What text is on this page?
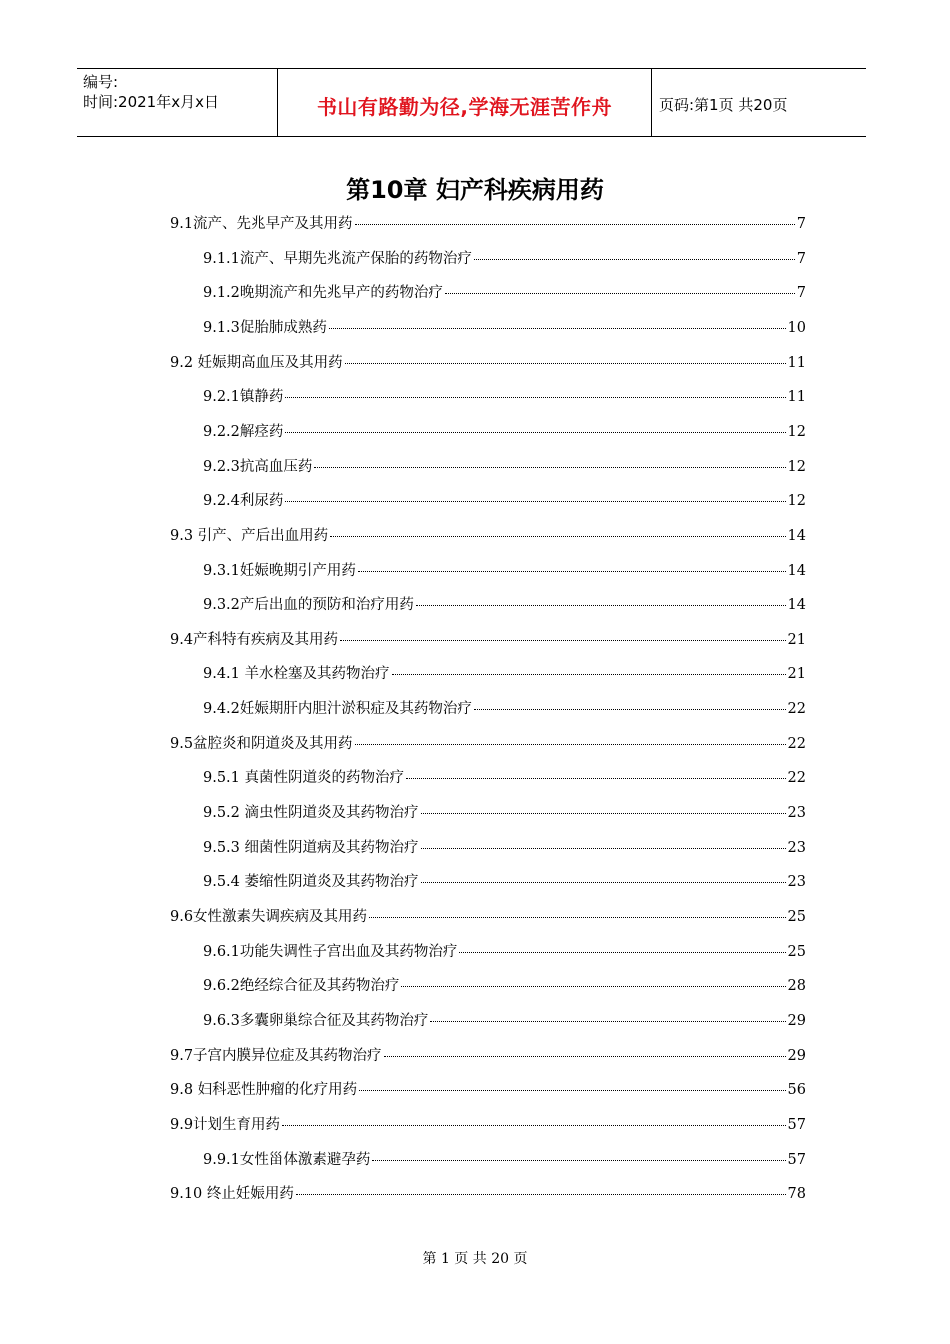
编号:
时间:2021年x月x日	书山有路勤为径,学海无涯苦作舟	页码:第1页 共20页
第10章 妇产科疾病用药
9.1流产、先兆早产及其用药	7
9.1.1流产、早期先兆流产保胎的药物治疗	7
9.1.2晚期流产和先兆早产的药物治疗	7
9.1.3促胎肺成熟药	10
9.2 妊娠期高血压及其用药	11
9.2.1镇静药	11
9.2.2解痉药	12
9.2.3抗高血压药	12
9.2.4利尿药	12
9.3 引产、产后出血用药	14
9.3.1妊娠晚期引产用药	14
9.3.2产后出血的预防和治疗用药	14
9.4产科特有疾病及其用药	21
9.4.1 羊水栓塞及其药物治疗	21
9.4.2妊娠期肝内胆汁淤积症及其药物治疗	22
9.5盆腔炎和阴道炎及其用药	22
9.5.1 真菌性阴道炎的药物治疗	22
9.5.2 滴虫性阴道炎及其药物治疗	23
9.5.3 细菌性阴道病及其药物治疗	23
9.5.4 萎缩性阴道炎及其药物治疗	23
9.6女性激素失调疾病及其用药	25
9.6.1功能失调性子宫出血及其药物治疗	25
9.6.2绝经综合征及其药物治疗	28
9.6.3多囊卵巢综合征及其药物治疗	29
9.7子宫内膜异位症及其药物治疗	29
9.8 妇科恶性肿瘤的化疗用药	56
9.9计划生育用药	57
9.9.1女性甾体激素避孕药	57
9.10 终止妊娠用药	78
第 1 页 共 20 页
